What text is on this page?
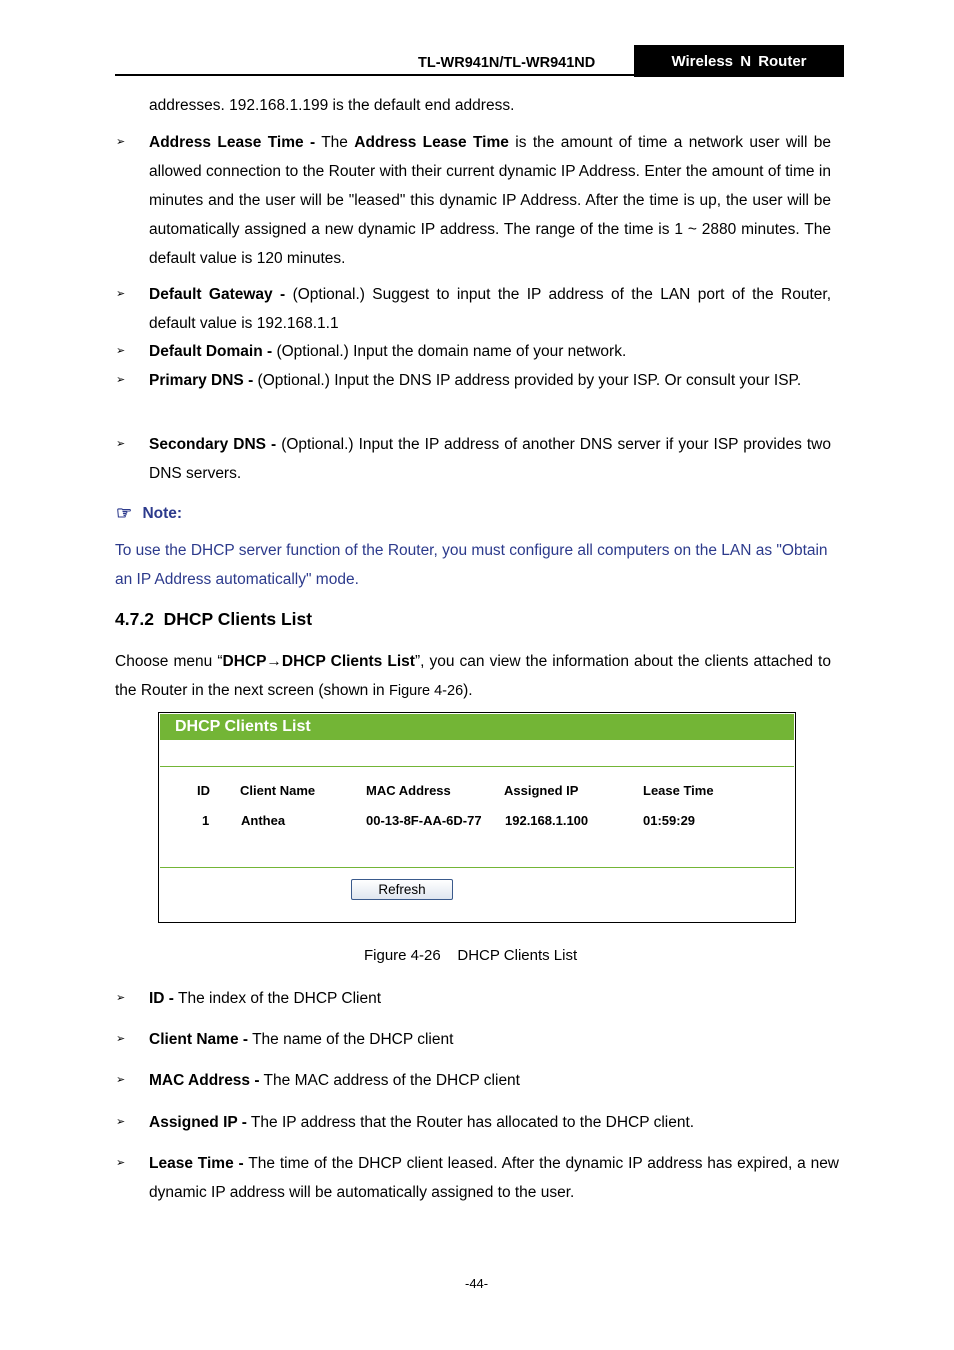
TL-WR941N/TL-WR941ND	Wireless N Router
addresses. 192.168.1.199 is the default end address.
➢ Address Lease Time - The Address Lease Time is the amount of time a network user will be allowed connection to the Router with their current dynamic IP Address. Enter the amount of time in minutes and the user will be "leased" this dynamic IP Address. After the time is up, the user will be automatically assigned a new dynamic IP address. The range of the time is 1 ~ 2880 minutes. The default value is 120 minutes.
➢ Default Gateway - (Optional.) Suggest to input the IP address of the LAN port of the Router, default value is 192.168.1.1
➢ Default Domain - (Optional.) Input the domain name of your network.
➢ Primary DNS - (Optional.) Input the DNS IP address provided by your ISP. Or consult your ISP.
➢ Secondary DNS - (Optional.) Input the IP address of another DNS server if your ISP provides two DNS servers.
☞ Note:
To use the DHCP server function of the Router, you must configure all computers on the LAN as "Obtain an IP Address automatically" mode.
4.7.2  DHCP Clients List
Choose menu “DHCP→DHCP Clients List”, you can view the information about the clients attached to the Router in the next screen (shown in Figure 4-26).
DHCP Clients List
ID Client Name	MAC Address	Assigned IP	Lease Time
1 Anthea	00-13-8F-AA-6D-77 192.168.1.100	01:59:29
Refresh
Figure 4-26    DHCP Clients List
➢ ID - The index of the DHCP Client
➢ Client Name - The name of the DHCP client
➢ MAC Address - The MAC address of the DHCP client
➢ Assigned IP - The IP address that the Router has allocated to the DHCP client.
➢ Lease Time - The time of the DHCP client leased. After the dynamic IP address has expired, a new dynamic IP address will be automatically assigned to the user.
-44-
